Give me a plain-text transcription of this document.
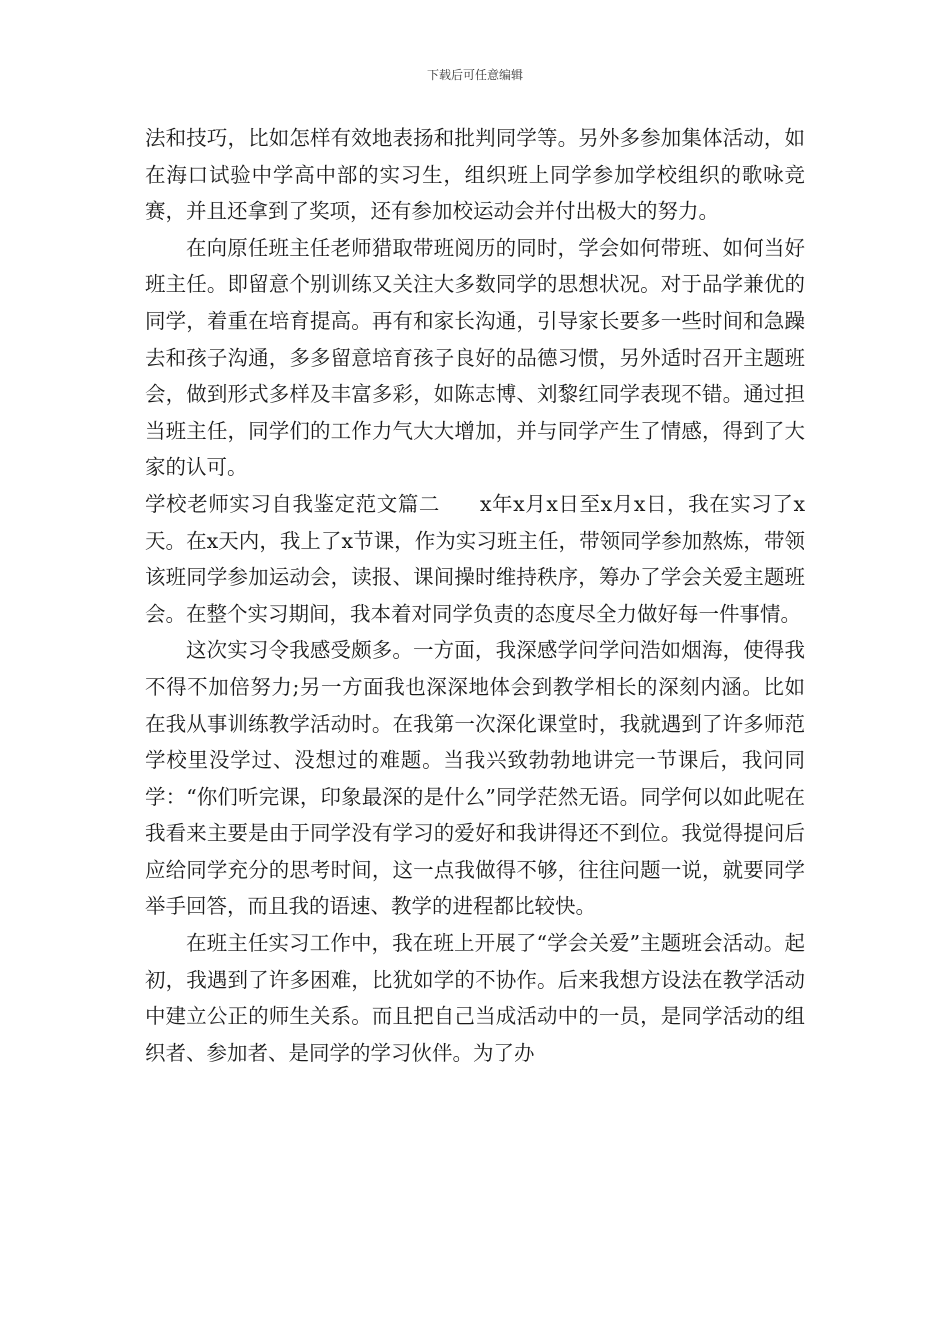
下载后可任意编辑

法和技巧，比如怎样有效地表扬和批判同学等。另外多参加集体活动，如在海口试验中学高中部的实习生，组织班上同学参加学校组织的歌咏竞赛，并且还拿到了奖项，还有参加校运动会并付出极大的努力。

在向原任班主任老师猎取带班阅历的同时，学会如何带班、如何当好班主任。即留意个别训练又关注大多数同学的思想状况。对于品学兼优的同学，着重在培育提高。再有和家长沟通，引导家长要多一些时间和急躁去和孩子沟通，多多留意培育孩子良好的品德习惯，另外适时召开主题班会，做到形式多样及丰富多彩，如陈志博、刘黎红同学表现不错。通过担当班主任，同学们的工作力气大大增加，并与同学产生了情感，得到了大家的认可。

学校老师实习自我鉴定范文篇二 x年x月x日至x月x日，我在实习了x天。在x天内，我上了x节课，作为实习班主任，带领同学参加熬炼，带领该班同学参加运动会，读报、课间操时维持秩序，筹办了学会关爱主题班会。在整个实习期间，我本着对同学负责的态度尽全力做好每一件事情。

这次实习令我感受颇多。一方面，我深感学问学问浩如烟海，使得我不得不加倍努力;另一方面我也深深地体会到教学相长的深刻内涵。比如在我从事训练教学活动时。在我第一次深化课堂时，我就遇到了许多师范学校里没学过、没想过的难题。当我兴致勃勃地讲完一节课后，我问同学：“你们听完课，印象最深的是什么”同学茫然无语。同学何以如此呢在我看来主要是由于同学没有学习的爱好和我讲得还不到位。我觉得提问后应给同学充分的思考时间，这一点我做得不够，往往问题一说，就要同学举手回答，而且我的语速、教学的进程都比较快。

在班主任实习工作中，我在班上开展了“学会关爱”主题班会活动。起初，我遇到了许多困难，比犹如学的不协作。后来我想方设法在教学活动中建立公正的师生关系。而且把自己当成活动中的一员，是同学活动的组织者、参加者、是同学的学习伙伴。为了办
